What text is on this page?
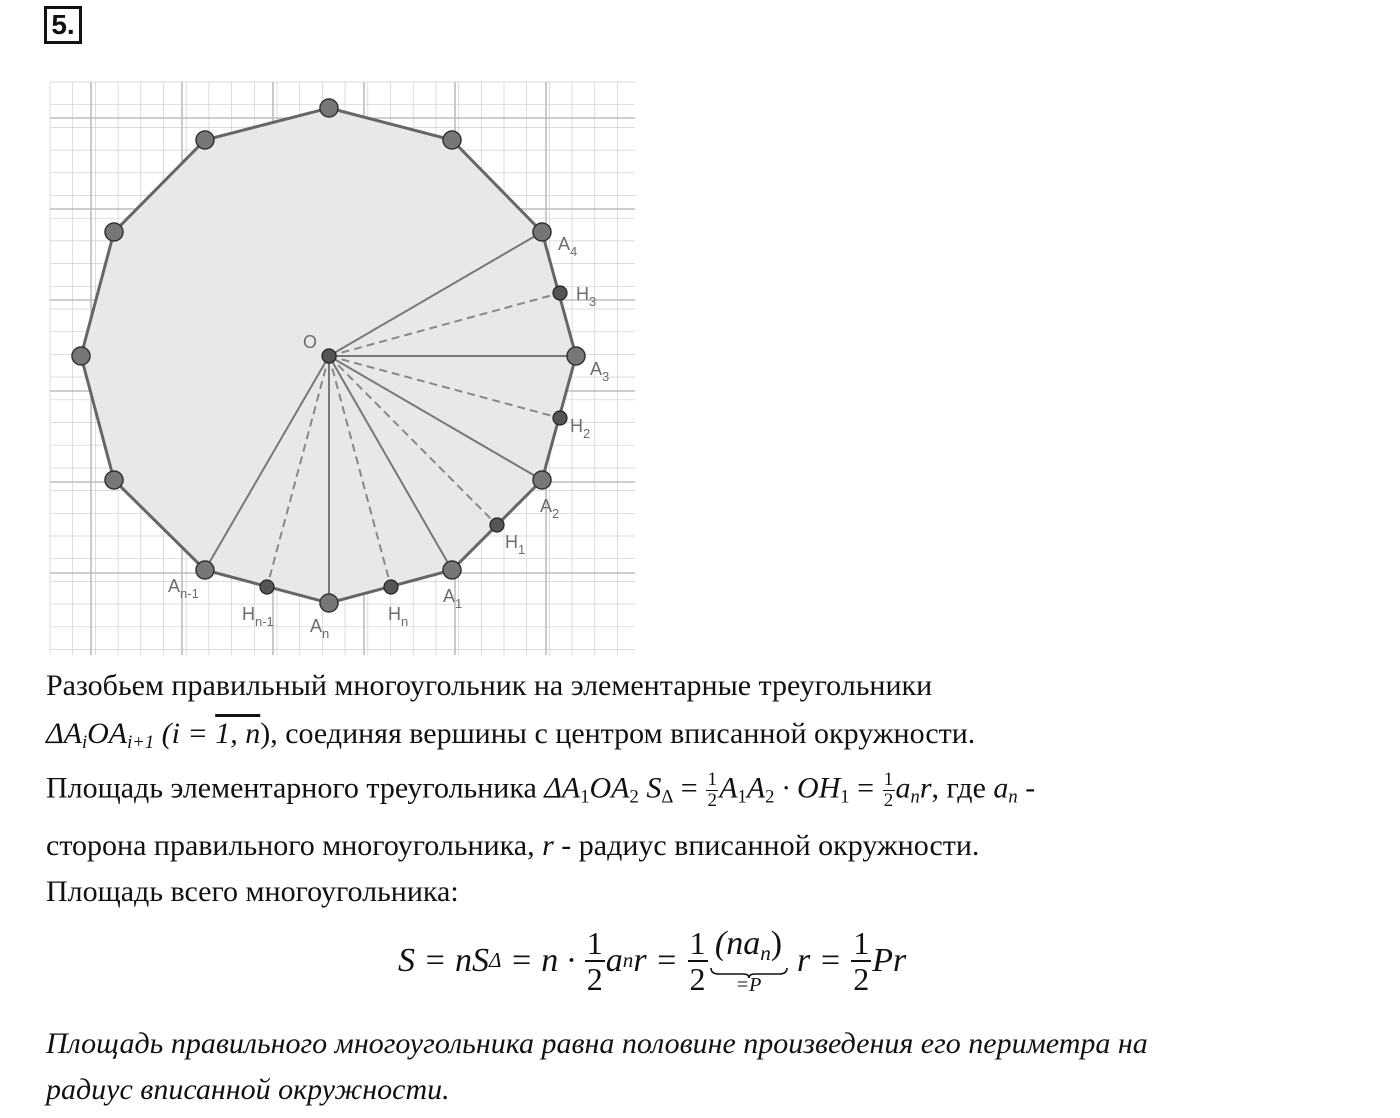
5.
O
$A_4$
$H_3$
$A_3$
$H_2$
$A_2$
$H_1$
$A_1$
$H_n$
$A_n$
$H_{n-1}$
$A_{n-1}$
Разобьем правильный многоугольник на элементарные треугольники
$\Delta A_iOA_{i+1}$ (i = 1, n), соединяя вершины с центром вписанной окружности.
Площадь элементарного треугольника $\Delta A_1OA_2$ $S_\Delta = \frac{1}{2} A_1A_2 \cdot OH_1 = \frac{1}{2} a_nr$, где $a_n$ -
сторона правильного многоугольника, r - радиус вписанной окружности.
Площадь всего многоугольника:
S = nS $\Delta = n \cdot \frac{1}{2}$ a n $r = \frac{1}{2} (na_n)$
=P
$r = \frac{1}{2}$ Pr
Площадь правильного многоугольника равна половине произведения его периметра на
радиус вписанной окружности.
